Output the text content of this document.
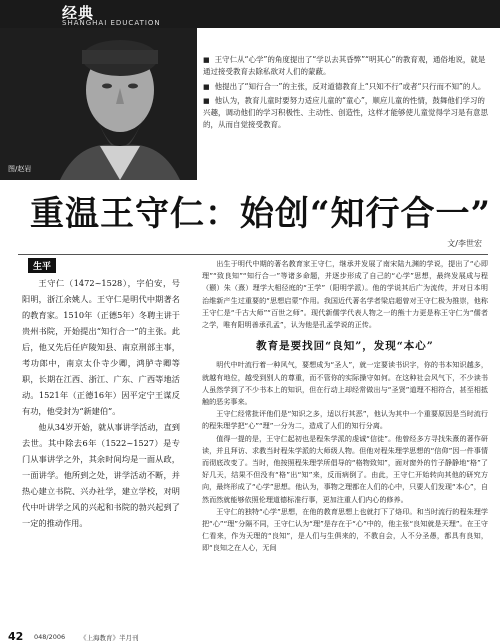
经典
SHANGHAI EDUCATION
图/赵岩

■ 王守仁从“心学”的角度提出了“学以去其昏弊”“明其心”的教育观，通俗地说，就是通过接受教育去除私欲对人们的蒙蔽。

■ 他提出了“知行合一”的主张，反对道德教育上“只知不行”或者“只行而不知”的人。

■ 他认为，教育儿童时要努力适应儿童的“童心”，顺应儿童的性情，鼓舞他们学习的兴趣，调动他们的学习积极性、主动性、创造性，这样才能够使儿童觉得学习是有意思的，从而自觉接受教育。

重温王守仁：始创“知行合一”
文/李世宏
生平

王守仁（1472~1528），字伯安，号阳明，浙江余姚人。王守仁是明代中期著名的教育家。1510年（正德5年）冬聘主讲于贵州书院，开始提出“知行合一”的主张。此后，他又先后任庐陵知县、南京刑部主事，考功郎中，南京太仆寺少卿，鸿胪寺卿等职，长期在江西、浙江、广东、广西等地活动。1521年（正德16年）因平定宁王谋反有功，他受封为“新建伯”。

他从34岁开始，就从事讲学活动，直到去世。其中除去6年（1522~1527）是专门从事讲学之外，其余时间均是一面从政，一面讲学。他所到之处，讲学活动不断，并热心建立书院、兴办社学，建立学校，对明代中叶讲学之风的兴起和书院的勃兴起到了一定的推动作用。

出生于明代中期的著名教育家王守仁，继承并发展了南宋陆九渊的学说，提出了“心即理”“致良知”“知行合一”等诸多命题，并逐步形成了自己的“心学”思想，最终发展成与程（颢）朱（熹）理学大相径庭的“王学”（阳明学派）。他的学说其后广为流传，并对日本明治维新产生过重要的“思想启蒙”作用。我国近代著名学者梁启超曾对王守仁极为推崇，他称王守仁是“千古大师”“百世之师”。现代新儒学代表人物之一的熊十力更是称王守仁为“儒者之学，唯有阳明善承孔孟”，认为他是孔孟学说的正传。

教育是要找回“良知”，发现“本心”

明代中叶流行着一种风气，要想成为“圣人”，就一定要读书识字，你的书本知识越多，就越有地位，越受到别人的尊重，而不管你的实际操守如何。在这种社会风气下，不少读书人虽然学到了不少书本上的知识，但在行动上却经常做出与“圣贤”道理不相符合，甚至相抵触的恶劣事来。

王守仁经常批评他们是“知识之多，适以行其恶”，他认为其中一个重要原因是当时流行的程朱理学把“心”“理”一分为二，造成了人们的知行分离。

值得一提的是，王守仁起初也是程朱学派的虔诚“信徒”。他曾经多方寻找朱熹的著作研读，并且拜访、求教当时程朱学派的大师级人物。但他对程朱理学思想的“信仰”因一件事情而彻底改变了。当时，他按照程朱理学所倡导的“格物致知”，面对窗外的竹子静静地“格”了好几天，结果不但没有“格”出“知”来，反而病倒了。由此，王守仁开始转向其他的研究方向，最终形成了“心学”思想。他认为，事物之理都在人们的心中，只要人们发现“本心”，自然而然就能够依照伦理道德标准行事，更加注重人们内心的修养。

王守仁的独特“心学”思想，在他的教育思想上也就打下了烙印。和当时流行的程朱理学把“心”“理”分隔不同，王守仁认为“理”是存在于“心”中的，他主张“良知就是天理”。在王守仁看来，作为天理的“良知”，是人们与生俱来的，不教自会，人不分圣愚，都具有良知，即“良知之在人心，无间

42 048/2006 《上海教育》半月刊
